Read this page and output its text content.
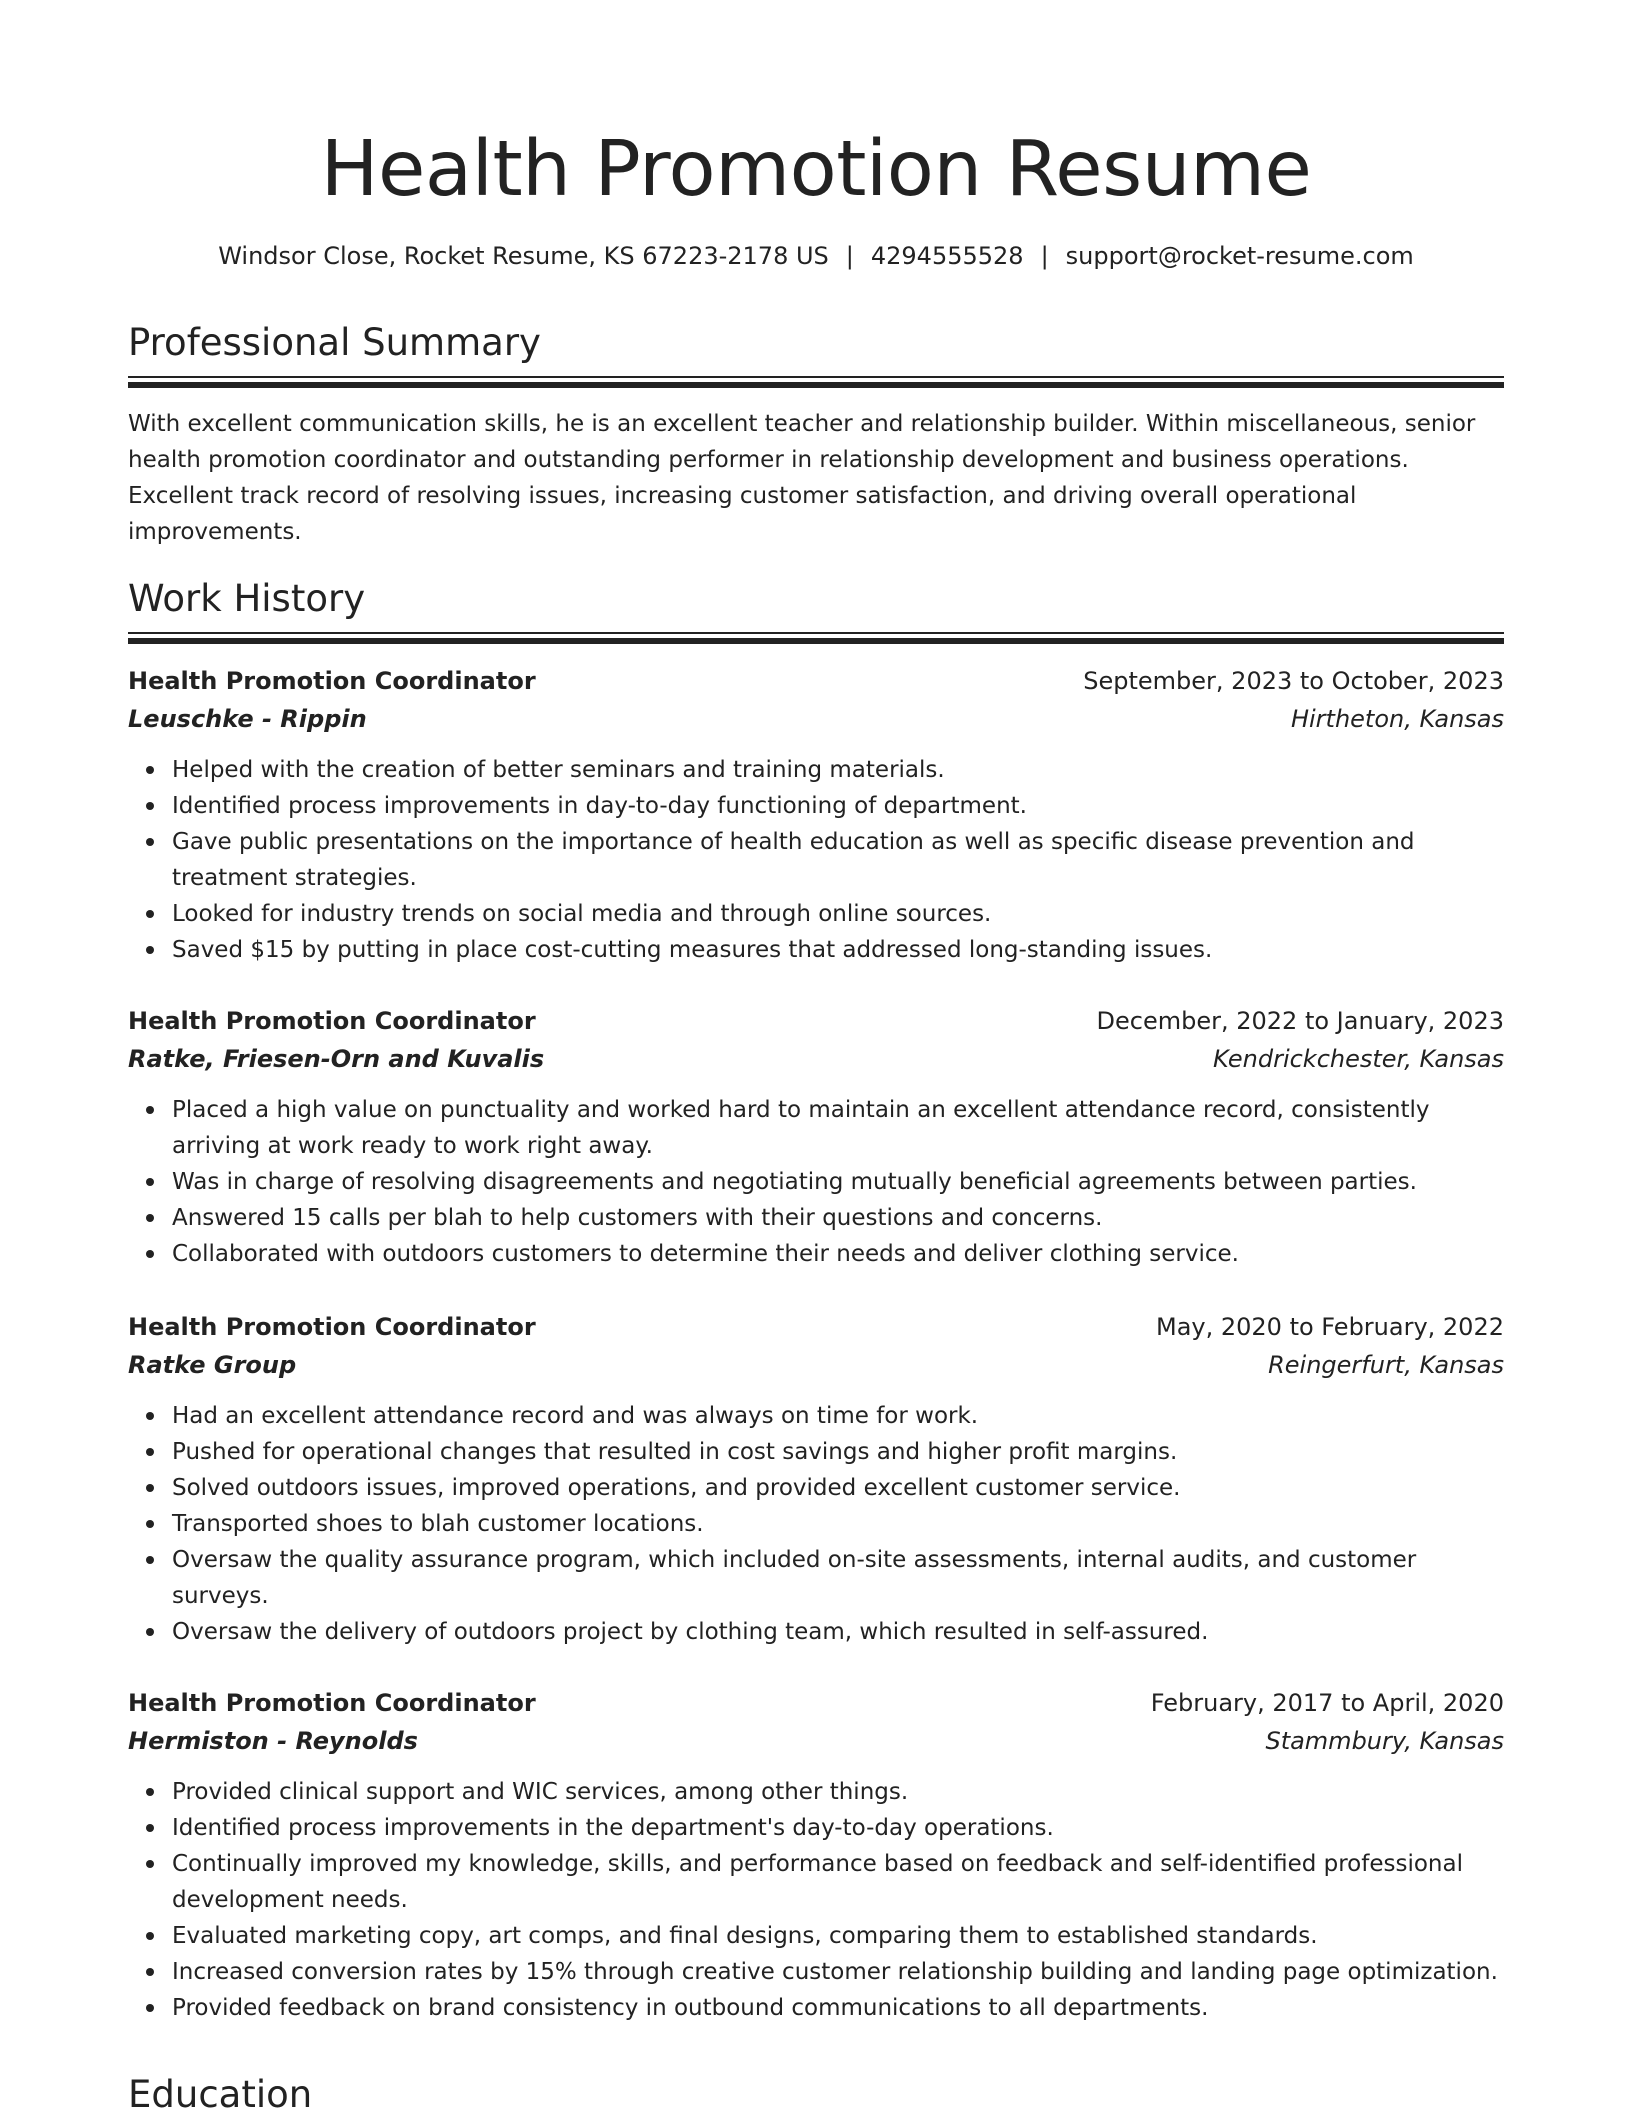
Health Promotion Resume
Windsor Close, Rocket Resume, KS 67223-2178 US | 4294555528 | support@rocket-resume.com
Professional Summary

With excellent communication skills, he is an excellent teacher and relationship builder. Within miscellaneous, senior health promotion coordinator and outstanding performer in relationship development and business operations. Excellent track record of resolving issues, increasing customer satisfaction, and driving overall operational improvements.

Work History
Health Promotion Coordinator	September, 2023 to October, 2023
Leuschke - Rippin	Hirtheton, Kansas
Helped with the creation of better seminars and training materials.
Identified process improvements in day-to-day functioning of department.
Gave public presentations on the importance of health education as well as specific disease prevention and treatment strategies.
Looked for industry trends on social media and through online sources.
Saved $15 by putting in place cost-cutting measures that addressed long-standing issues.
Health Promotion Coordinator	December, 2022 to January, 2023
Ratke, Friesen-Orn and Kuvalis	Kendrickchester, Kansas
Placed a high value on punctuality and worked hard to maintain an excellent attendance record, consistently arriving at work ready to work right away.
Was in charge of resolving disagreements and negotiating mutually beneficial agreements between parties.
Answered 15 calls per blah to help customers with their questions and concerns.
Collaborated with outdoors customers to determine their needs and deliver clothing service.
Health Promotion Coordinator	May, 2020 to February, 2022
Ratke Group	Reingerfurt, Kansas
Had an excellent attendance record and was always on time for work.
Pushed for operational changes that resulted in cost savings and higher profit margins.
Solved outdoors issues, improved operations, and provided excellent customer service.
Transported shoes to blah customer locations.
Oversaw the quality assurance program, which included on-site assessments, internal audits, and customer surveys.
Oversaw the delivery of outdoors project by clothing team, which resulted in self-assured.
Health Promotion Coordinator	February, 2017 to April, 2020
Hermiston - Reynolds	Stammbury, Kansas
Provided clinical support and WIC services, among other things.
Identified process improvements in the department's day-to-day operations.
Continually improved my knowledge, skills, and performance based on feedback and self-identified professional development needs.
Evaluated marketing copy, art comps, and final designs, comparing them to established standards.
Increased conversion rates by 15% through creative customer relationship building and landing page optimization.
Provided feedback on brand consistency in outbound communications to all departments.
Education
